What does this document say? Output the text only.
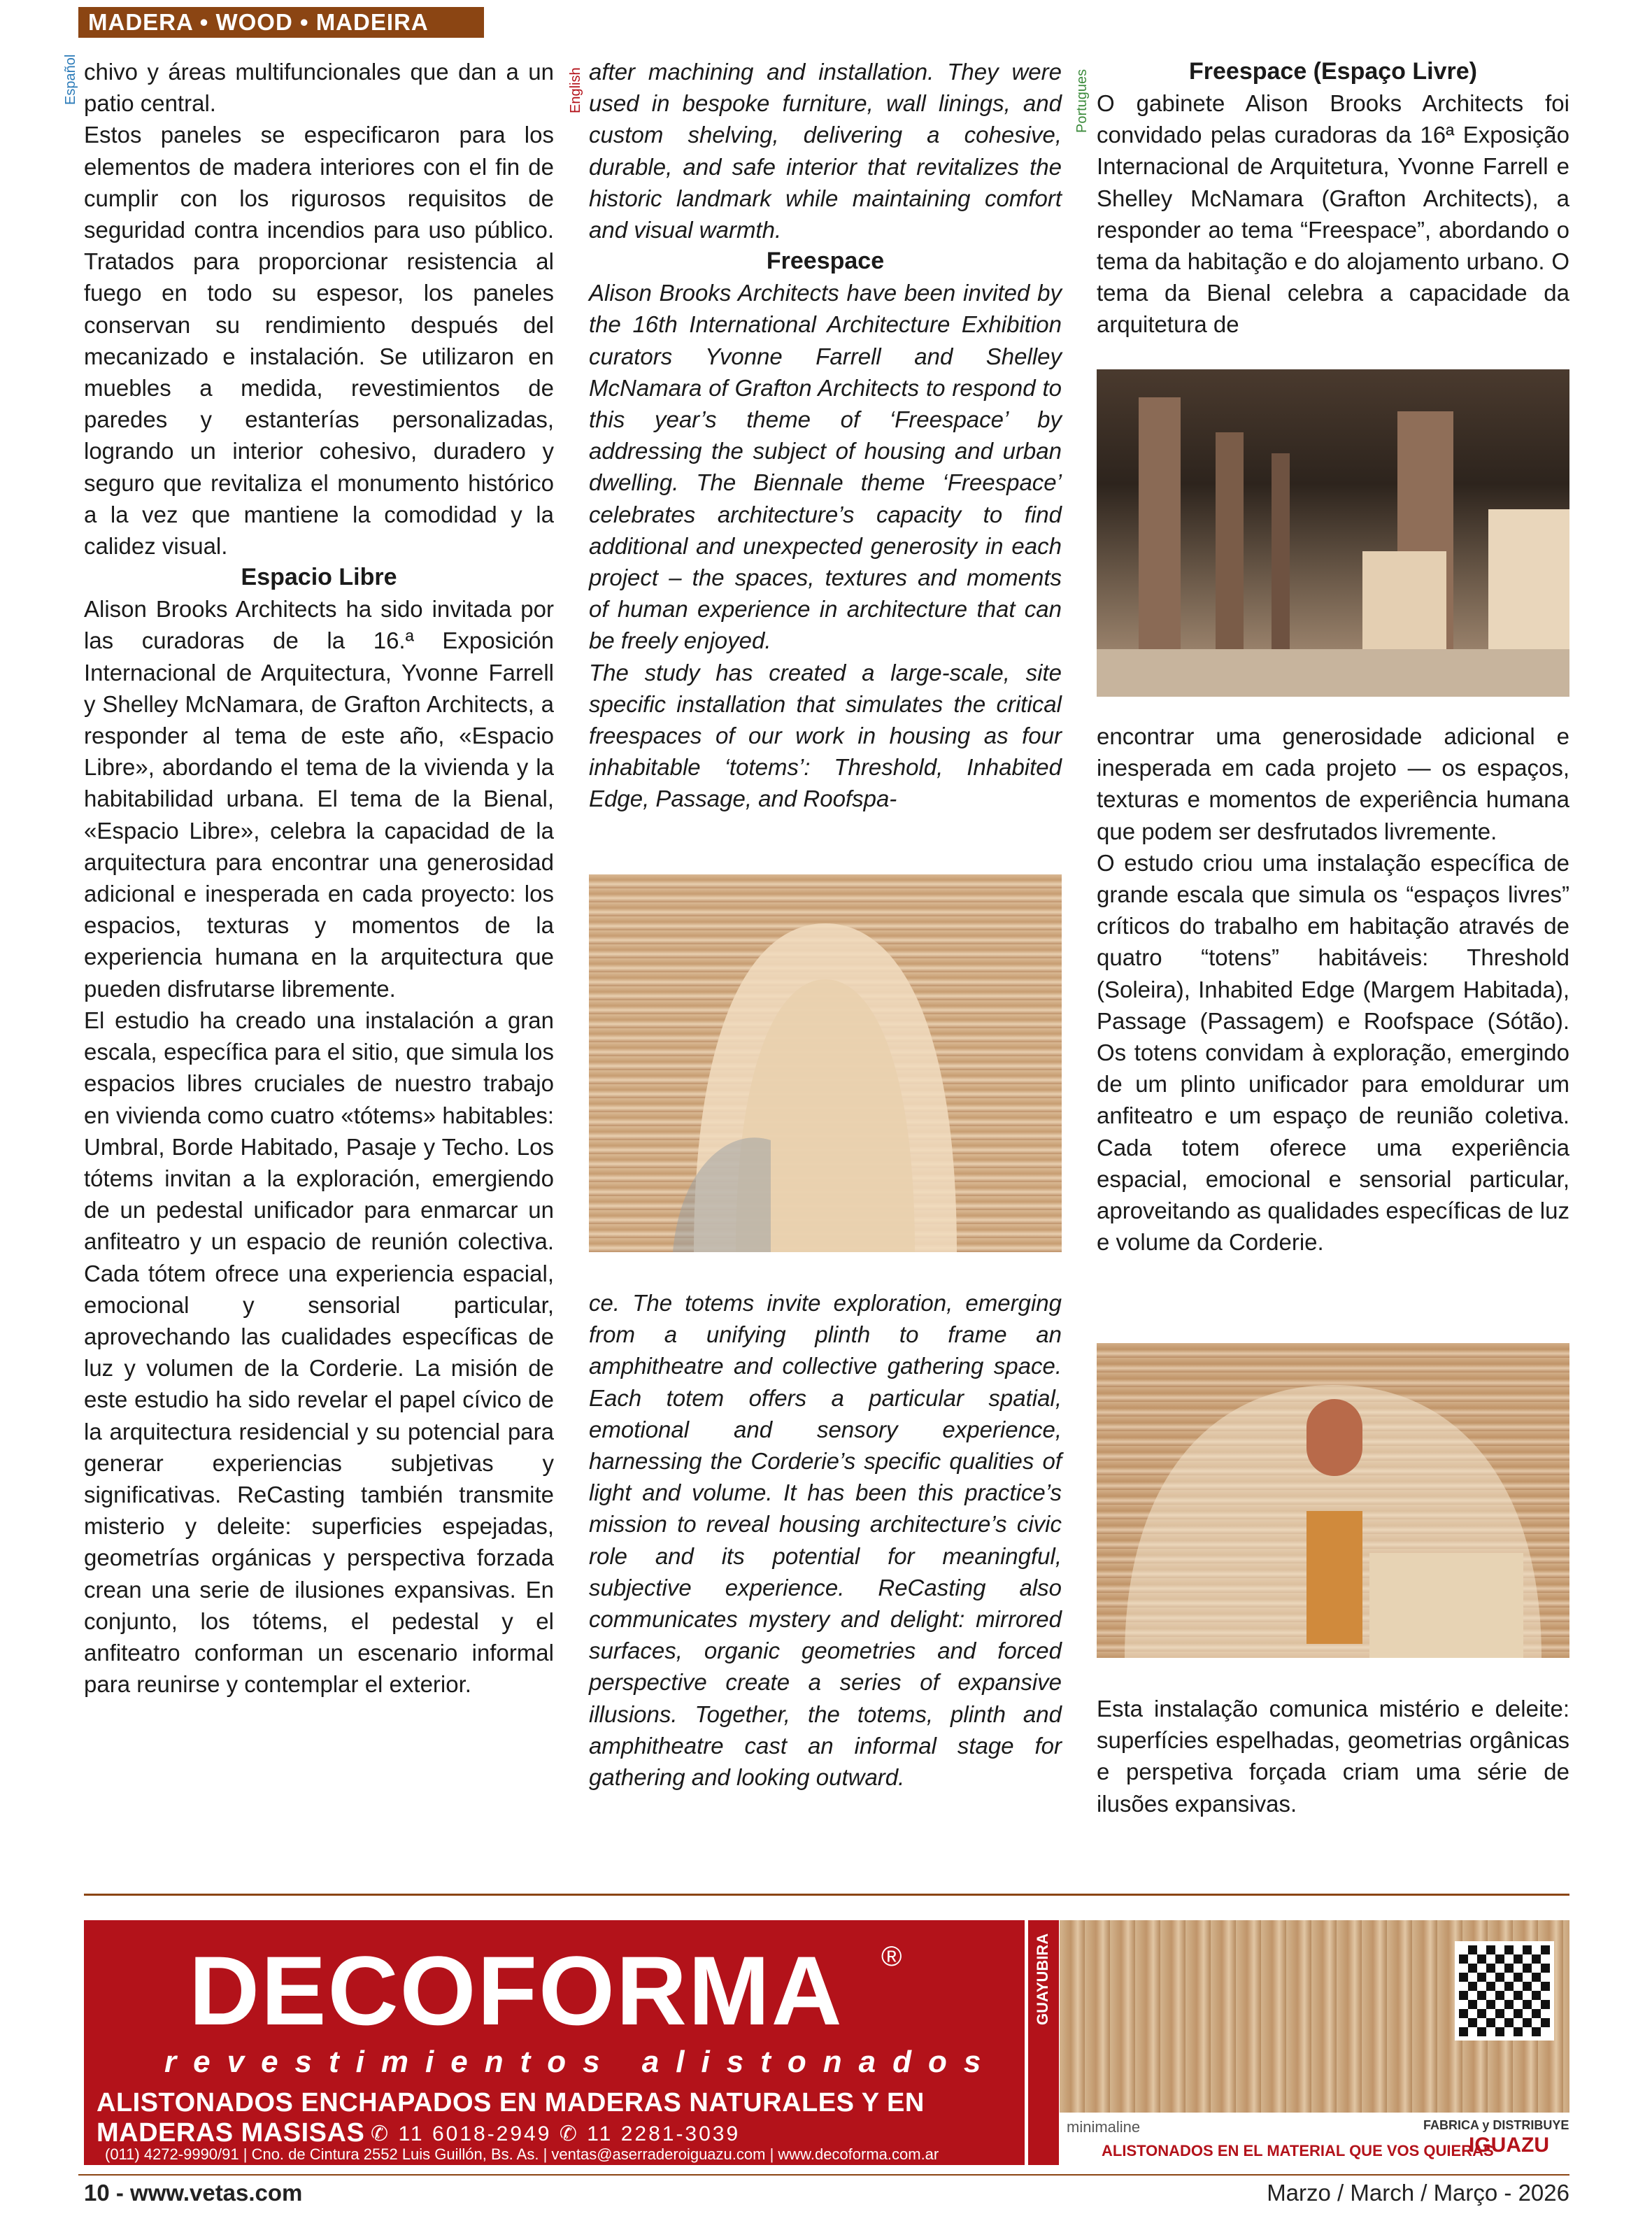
MADERA • WOOD • MADEIRA
Español	English	Portugues

chivo y áreas multifuncionales que dan a un patio central.

Estos paneles se especificaron para los elementos de madera interiores con el fin de cumplir con los rigurosos requisitos de seguridad contra incendios para uso público. Tratados para proporcionar resistencia al fuego en todo su espesor, los paneles conservan su rendimiento después del mecanizado e instalación. Se utilizaron en muebles a medida, revestimientos de paredes y estanterías personalizadas, logrando un interior cohesivo, duradero y seguro que revitaliza el monumento histórico a la vez que mantiene la comodidad y la calidez visual.

Espacio Libre

Alison Brooks Architects ha sido invitada por las curadoras de la 16.ª Exposición Internacional de Arquitectura, Yvonne Farrell y Shelley McNamara, de Grafton Architects, a responder al tema de este año, «Espacio Libre», abordando el tema de la vivienda y la habitabilidad urbana. El tema de la Bienal, «Espacio Libre», celebra la capacidad de la arquitectura para encontrar una generosidad adicional e inesperada en cada proyecto: los espacios, texturas y momentos de la experiencia humana en la arquitectura que pueden disfrutarse libremente.

El estudio ha creado una instalación a gran escala, específica para el sitio, que simula los espacios libres cruciales de nuestro trabajo en vivienda como cuatro «tótems» habitables: Umbral, Borde Habitado, Pasaje y Techo. Los tótems invitan a la exploración, emergiendo de un pedestal unificador para enmarcar un anfiteatro y un espacio de reunión colectiva. Cada tótem ofrece una experiencia espacial, emocional y sensorial particular, aprovechando las cualidades específicas de luz y volumen de la Corderie. La misión de este estudio ha sido revelar el papel cívico de la arquitectura residencial y su potencial para generar experiencias subjetivas y significativas. ReCasting también transmite misterio y deleite: superficies espejadas, geometrías orgánicas y perspectiva forzada crean una serie de ilusiones expansivas. En conjunto, los tótems, el pedestal y el anfiteatro conforman un escenario informal para reunirse y contemplar el exterior.

after machining and installation. They were used in bespoke furniture, wall linings, and custom shelving, delivering a cohesive, durable, and safe interior that revitalizes the historic landmark while maintaining comfort and visual warmth.

Freespace

Alison Brooks Architects have been invited by the 16th International Architecture Exhibition curators Yvonne Farrell and Shelley McNamara of Grafton Architects to respond to this year’s theme of ‘Freespace’ by addressing the subject of housing and urban dwelling. The Biennale theme ‘Freespace’ celebrates architecture’s capacity to find additional and unexpected generosity in each project – the spaces, textures and moments of human experience in architecture that can be freely enjoyed.

The study has created a large-scale, site specific installation that simulates the critical freespaces of our work in housing as four inhabitable ‘totems’: Threshold, Inhabited Edge, Passage, and Roofspa-

ce. The totems invite exploration, emerging from a unifying plinth to frame an amphitheatre and collective gathering space. Each totem offers a particular spatial, emotional and sensory experience, harnessing the Corderie’s specific qualities of light and volume. It has been this practice’s mission to reveal housing architecture’s civic role and its potential for meaningful, subjective experience. ReCasting also communicates mystery and delight: mirrored surfaces, organic geometries and forced perspective create a series of expansive illusions. Together, the totems, plinth and amphitheatre cast an informal stage for gathering and looking outward.

Freespace (Espaço Livre)

O gabinete Alison Brooks Architects foi convidado pelas curadoras da 16ª Exposição Internacional de Arquitetura, Yvonne Farrell e Shelley McNamara (Grafton Architects), a responder ao tema “Freespace”, abordando o tema da habitação e do alojamento urbano. O tema da Bienal celebra a capacidade da arquitetura de

encontrar uma generosidade adicional e inesperada em cada projeto — os espaços, texturas e momentos de experiência humana que podem ser desfrutados livremente.

O estudo criou uma instalação específica de grande escala que simula os “espaços livres” críticos do trabalho em habitação através de quatro “totens” habitáveis: Threshold (Soleira), Inhabited Edge (Margem Habitada), Passage (Passagem) e Roofspace (Sótão). Os totens convidam à exploração, emergindo de um plinto unificador para emoldurar um anfiteatro e um espaço de reunião coletiva. Cada totem oferece uma experiência espacial, emocional e sensorial particular, aproveitando as qualidades específicas de luz e volume da Corderie.

Esta instalação comunica mistério e deleite: superfícies espelhadas, geometrias orgânicas e perspetiva forçada criam uma série de ilusões expansivas.

DECOFORMA ®
revestimientos alistonados
ALISTONADOS ENCHAPADOS EN MADERAS NATURALES Y EN MADERAS MASISAS ✆ 11 6018-2949 ✆ 11 2281-3039
(011) 4272-9990/91 | Cno. de Cintura 2552 Luis Guillón, Bs. As. | ventas@aserraderoiguazu.com | www.decoforma.com.ar
GUAYUBIRA
minimaline	FABRICA y DISTRIBUYE
IGUAZU
ALISTONADOS EN EL MATERIAL QUE VOS QUIERAS
10 - www.vetas.com	Marzo / March / Março - 2026
